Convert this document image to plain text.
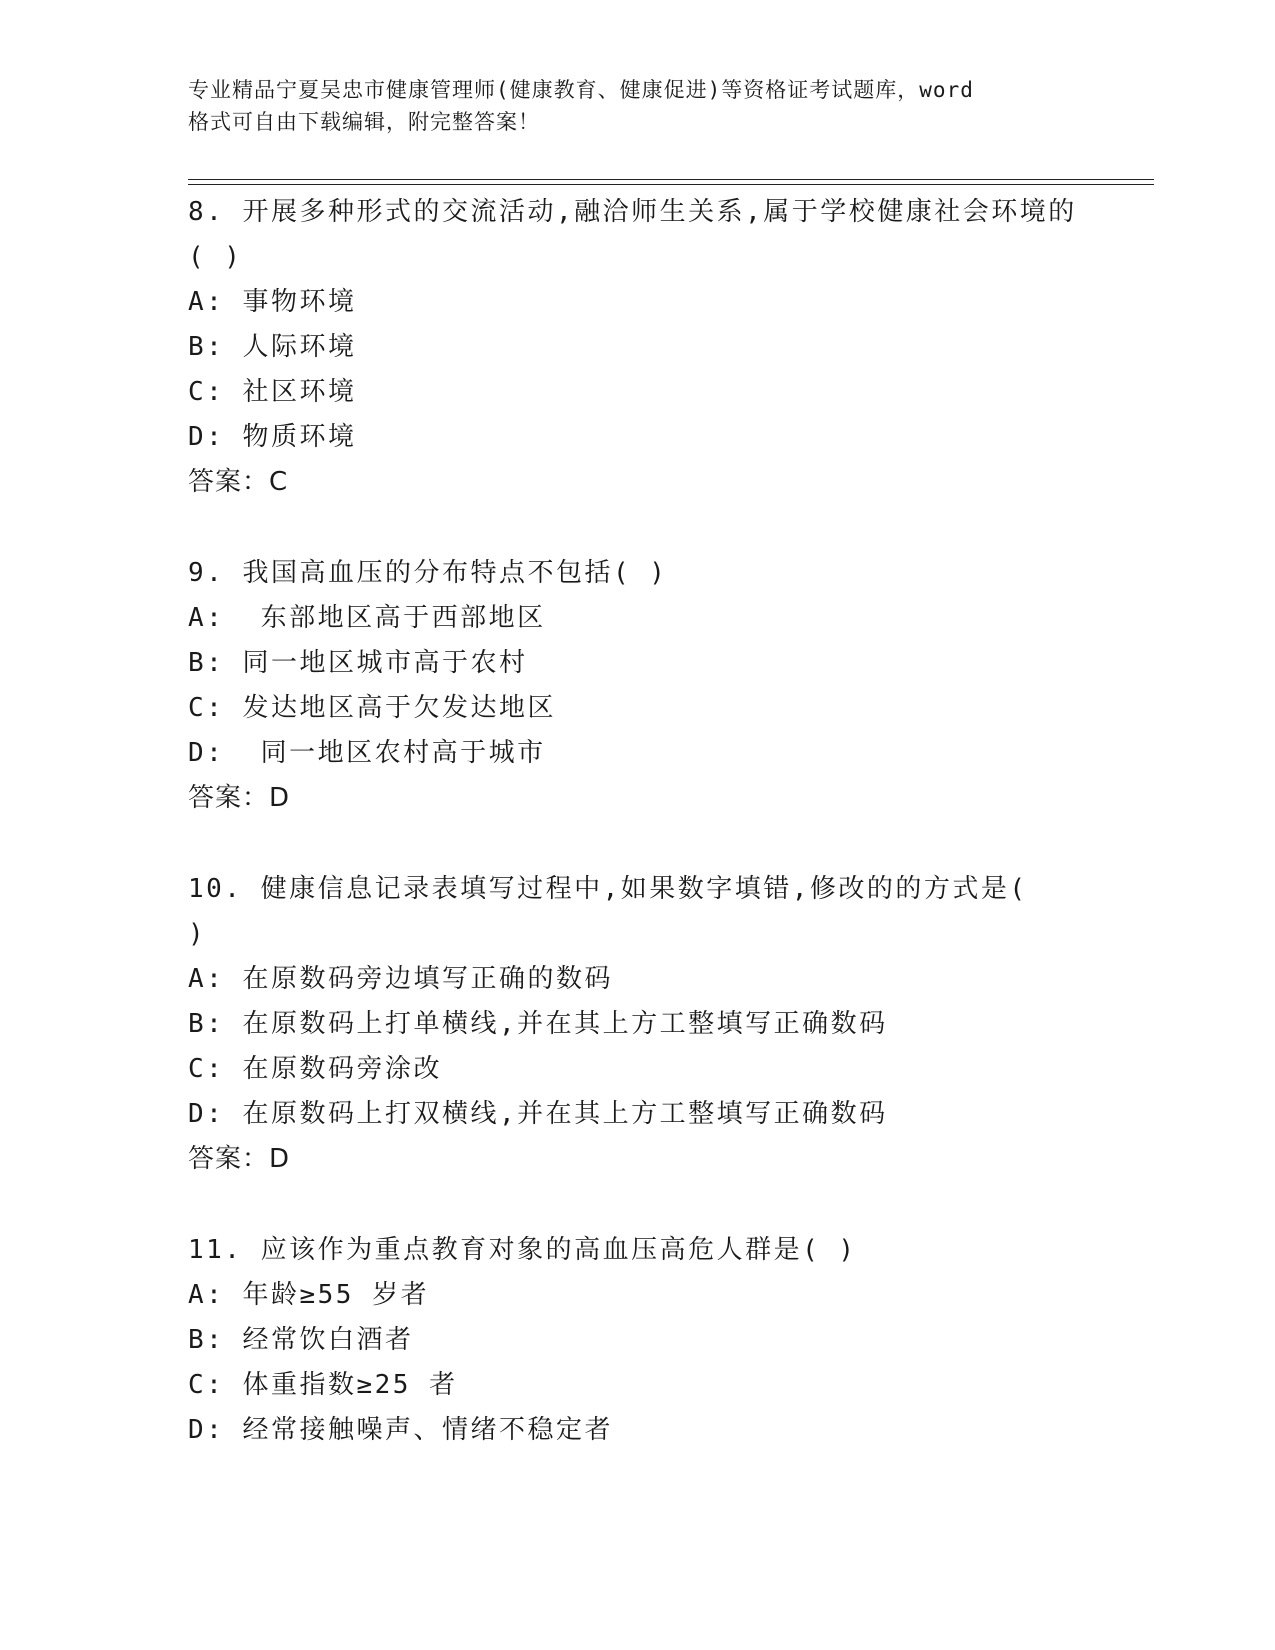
专业精品宁夏吴忠市健康管理师(健康教育、健康促进)等资格证考试题库，word
格式可自由下载编辑，附完整答案！
8. 开展多种形式的交流活动,融洽师生关系,属于学校健康社会环境的
( )
A: 事物环境
B: 人际环境
C: 社区环境
D: 物质环境
答案：C
9. 我国高血压的分布特点不包括( )
A:  东部地区高于西部地区
B: 同一地区城市高于农村
C: 发达地区高于欠发达地区
D:  同一地区农村高于城市
答案：D
10. 健康信息记录表填写过程中,如果数字填错,修改的的方式是(
)
A: 在原数码旁边填写正确的数码
B: 在原数码上打单横线,并在其上方工整填写正确数码
C: 在原数码旁涂改
D: 在原数码上打双横线,并在其上方工整填写正确数码
答案：D
11. 应该作为重点教育对象的高血压高危人群是( )
A: 年龄≥55 岁者
B: 经常饮白酒者
C: 体重指数≥25 者
D: 经常接触噪声、情绪不稳定者
